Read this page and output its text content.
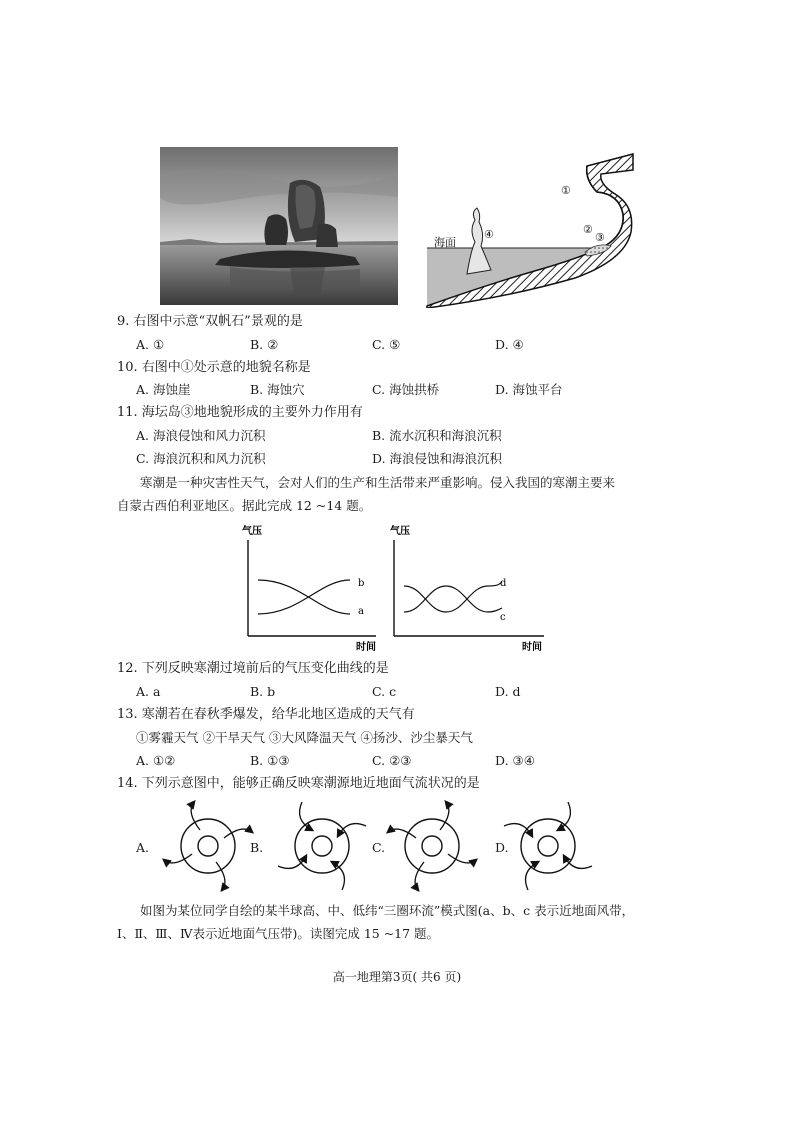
海面
④
①
②
③
9. 右图中示意“双帆石”景观的是
A. ①	B. ②	C. ⑤	D. ④
10. 右图中①处示意的地貌名称是
A. 海蚀崖	B. 海蚀穴	C. 海蚀拱桥	D. 海蚀平台
11. 海坛岛③地地貌形成的主要外力作用有
A. 海浪侵蚀和风力沉积	B. 流水沉积和海浪沉积
C. 海浪沉积和风力沉积	D. 海浪侵蚀和海浪沉积
寒潮是一种灾害性天气，会对人们的生产和生活带来严重影响。侵入我国的寒潮主要来
自蒙古西伯利亚地区。据此完成 12 ~14 题。
气压
b
a
时间
气压
d
c
时间
12. 下列反映寒潮过境前后的气压变化曲线的是
A. a	B. b	C. c	D. d
13. 寒潮若在春秋季爆发，给华北地区造成的天气有
①雾霾天气 ②干旱天气 ③大风降温天气 ④扬沙、沙尘暴天气
A. ①②	B. ①③	C. ②③	D. ③④
14. 下列示意图中，能够正确反映寒潮源地近地面气流状况的是
A.	B.	C.	D.
如图为某位同学自绘的某半球高、中、低纬“三圈环流”模式图(a、b、c 表示近地面风带，
Ⅰ、Ⅱ、Ⅲ、Ⅳ表示近地面气压带)。读图完成 15 ~17 题。
高一地理第3页( 共6 页)
